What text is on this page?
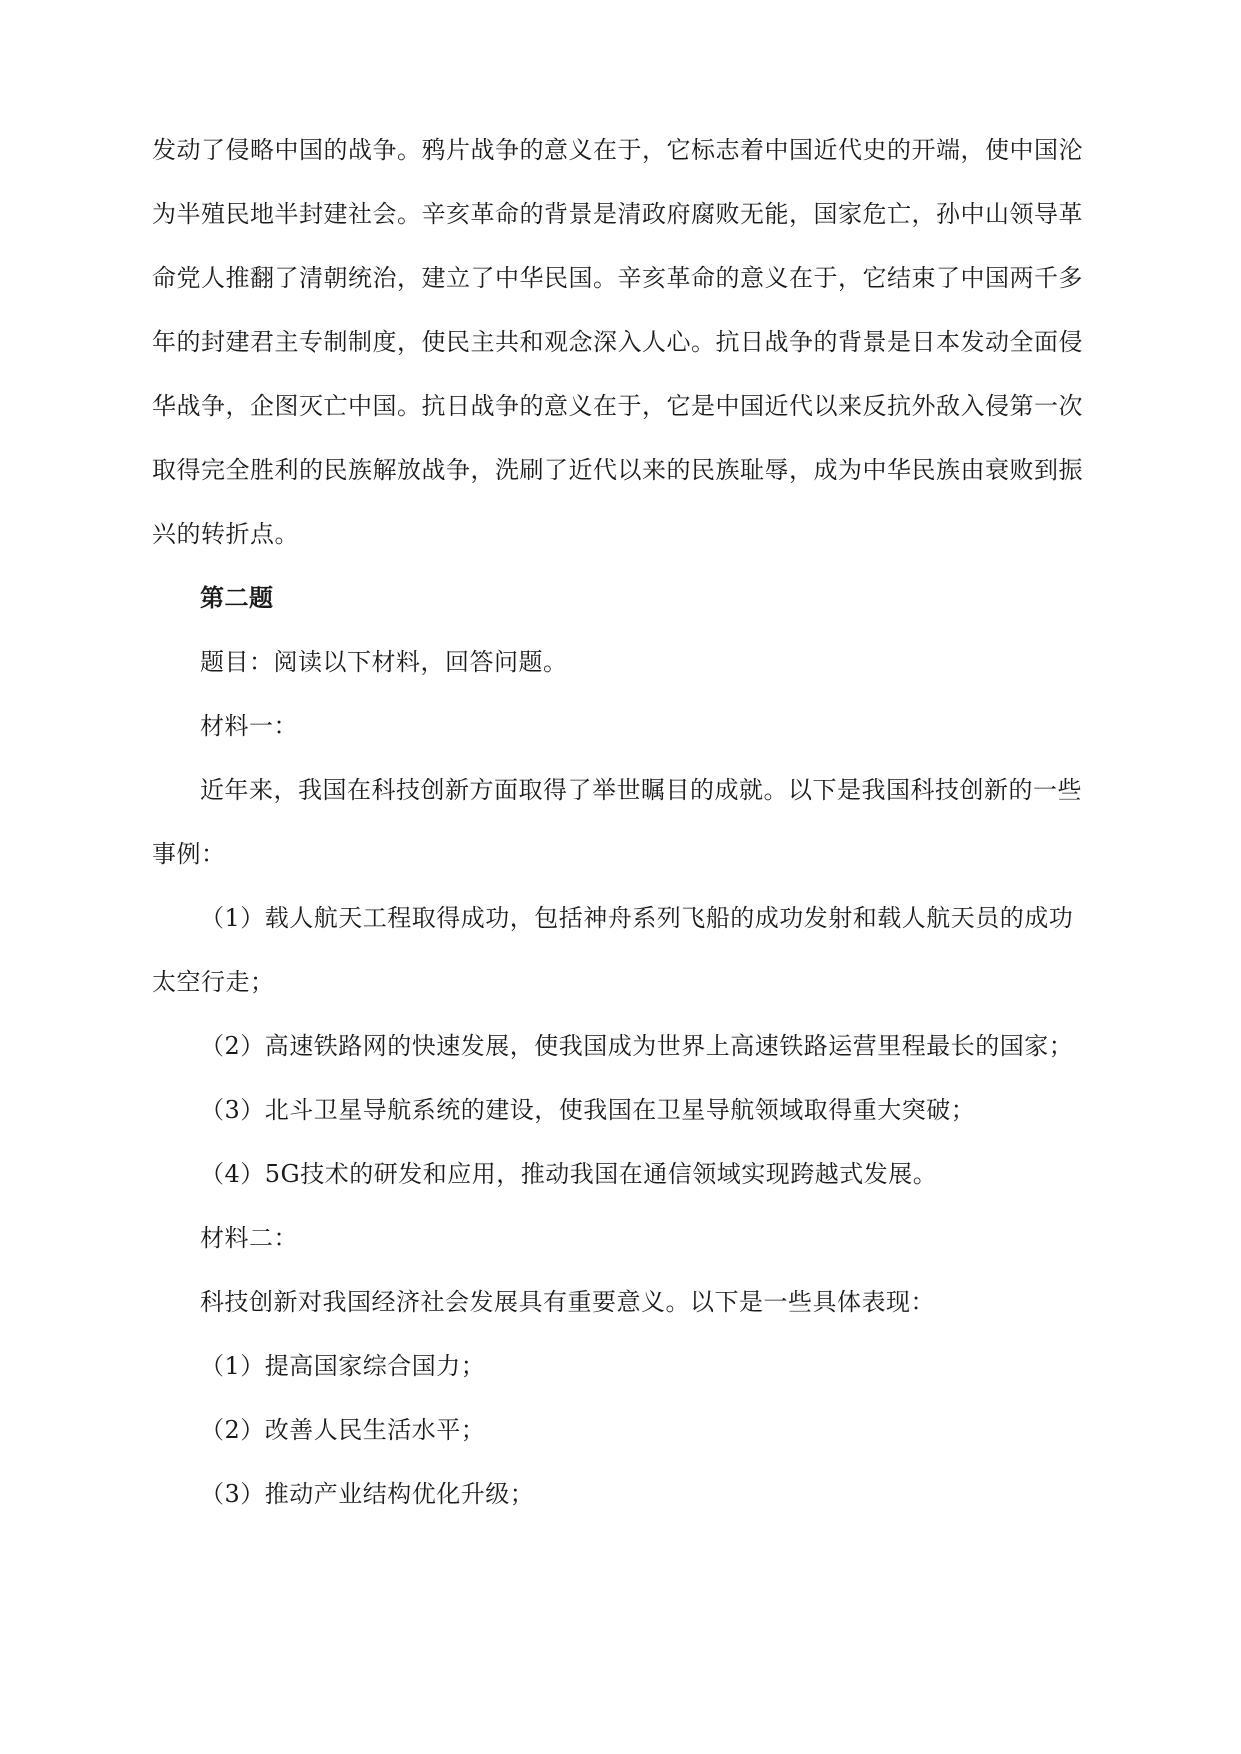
发动了侵略中国的战争。鸦片战争的意义在于，它标志着中国近代史的开端，使中国沦为半殖民地半封建社会。辛亥革命的背景是清政府腐败无能，国家危亡，孙中山领导革命党人推翻了清朝统治，建立了中华民国。辛亥革命的意义在于，它结束了中国两千多年的封建君主专制制度，使民主共和观念深入人心。抗日战争的背景是日本发动全面侵华战争，企图灭亡中国。抗日战争的意义在于，它是中国近代以来反抗外敌入侵第一次取得完全胜利的民族解放战争，洗刷了近代以来的民族耻辱，成为中华民族由衰败到振兴的转折点。

第二题

题目：阅读以下材料，回答问题。

材料一：

近年来，我国在科技创新方面取得了举世瞩目的成就。以下是我国科技创新的一些事例：

（1）载人航天工程取得成功，包括神舟系列飞船的成功发射和载人航天员的成功太空行走；

（2）高速铁路网的快速发展，使我国成为世界上高速铁路运营里程最长的国家；

（3）北斗卫星导航系统的建设，使我国在卫星导航领域取得重大突破；

（4）5G技术的研发和应用，推动我国在通信领域实现跨越式发展。

材料二：

科技创新对我国经济社会发展具有重要意义。以下是一些具体表现：

（1）提高国家综合国力；

（2）改善人民生活水平；

（3）推动产业结构优化升级；
